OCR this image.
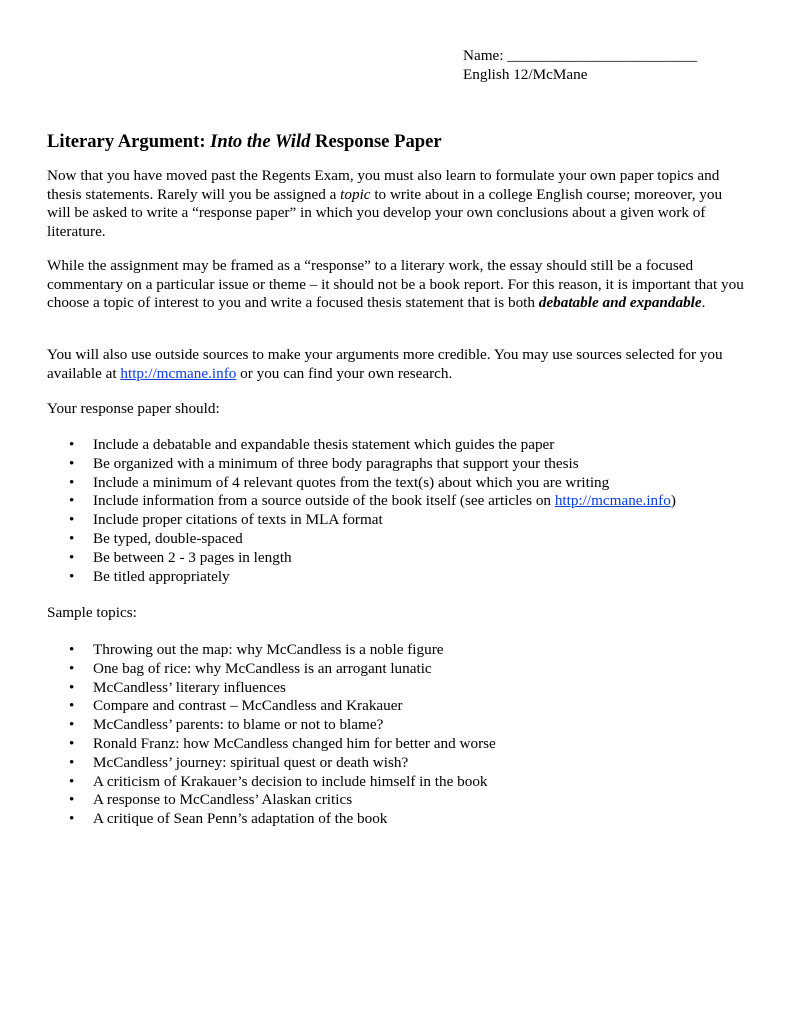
Name: _________________________
English 12/McMane
Literary Argument: Into the Wild Response Paper

Now that you have moved past the Regents Exam, you must also learn to formulate your own paper topics and thesis statements. Rarely will you be assigned a topic to write about in a college English course; moreover, you will be asked to write a “response paper” in which you develop your own conclusions about a given work of literature.

While the assignment may be framed as a “response” to a literary work, the essay should still be a focused commentary on a particular issue or theme – it should not be a book report. For this reason, it is important that you choose a topic of interest to you and write a focused thesis statement that is both debatable and expandable.

You will also use outside sources to make your arguments more credible. You may use sources selected for you available at http://mcmane.info or you can find your own research.

Your response paper should:

• Include a debatable and expandable thesis statement which guides the paper
• Be organized with a minimum of three body paragraphs that support your thesis
• Include a minimum of 4 relevant quotes from the text(s) about which you are writing
• Include information from a source outside of the book itself (see articles on http://mcmane.info)
• Include proper citations of texts in MLA format
• Be typed, double-spaced
• Be between 2 - 3 pages in length
• Be titled appropriately

Sample topics:

• Throwing out the map: why McCandless is a noble figure
• One bag of rice: why McCandless is an arrogant lunatic
• McCandless’ literary influences
• Compare and contrast – McCandless and Krakauer
• McCandless’ parents: to blame or not to blame?
• Ronald Franz: how McCandless changed him for better and worse
• McCandless’ journey: spiritual quest or death wish?
• A criticism of Krakauer’s decision to include himself in the book
• A response to McCandless’ Alaskan critics
• A critique of Sean Penn’s adaptation of the book
